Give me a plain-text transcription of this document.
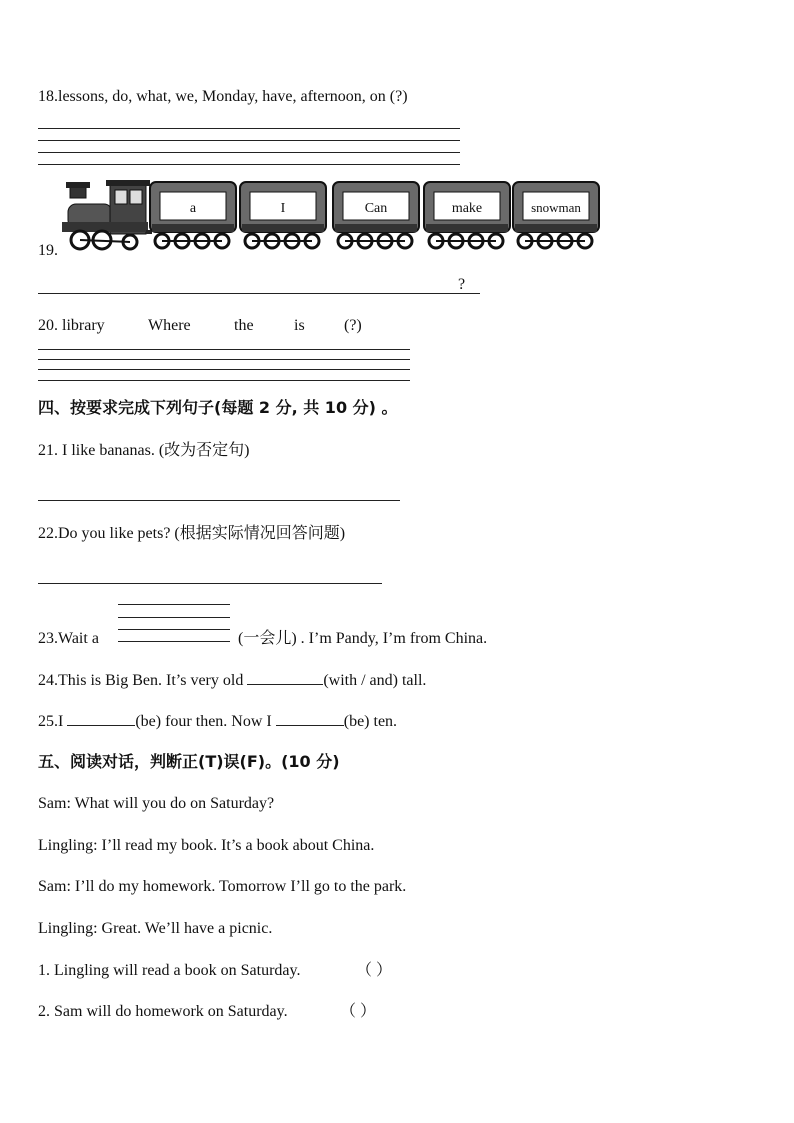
18.lessons, do, what, we, Monday, have, afternoon, on (?)
19.
a	I	Can	make	snowman
?
20. library	Where	the	is (?)
四、按要求完成下列句子(每题 2 分, 共 10 分) 。
21. I like bananas. (改为否定句)
22.Do you like pets? (根据实际情况回答问题)
23.Wait a	(一会儿) . I’m Pandy, I’m from China.
24.This is Big Ben. It’s very old	(with / and) tall.
25.I	(be) four then. Now I	(be) ten.
五、阅读对话，判断正(T)误(F)。(10 分)
Sam: What will you do on Saturday?
Lingling: I’ll read my book. It’s a book about China.
Sam: I’ll do my homework. Tomorrow I’ll go to the park.
Lingling: Great. We’ll have a picnic.
1. Lingling will read a book on Saturday.	（ ）
2. Sam will do homework on Saturday.	（ ）
